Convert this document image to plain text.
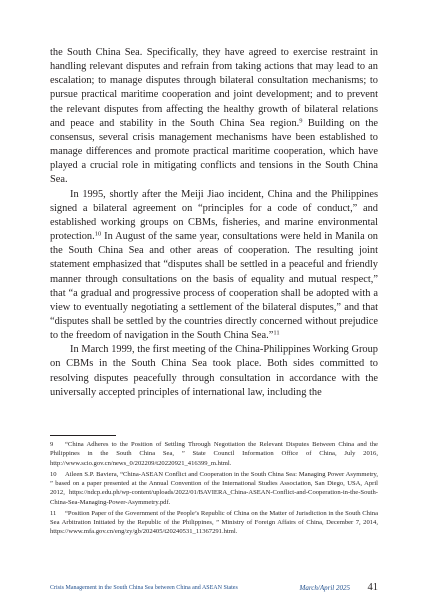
the South China Sea. Specifically, they have agreed to exercise restraint in handling relevant disputes and refrain from taking actions that may lead to an escalation; to manage disputes through bilateral consultation mechanisms; to pursue practical maritime cooperation and joint development; and to prevent the relevant disputes from affecting the healthy growth of bilateral relations and peace and stability in the South China Sea region.$^9$ Building on the consensus, several crisis management mechanisms have been established to manage differences and promote practical maritime cooperation, which have played a crucial role in mitigating conflicts and tensions in the South China Sea.

In 1995, shortly after the Meiji Jiao incident, China and the Philippines signed a bilateral agreement on “principles for a code of conduct,” and established working groups on CBMs, fisheries, and marine environmental protection.$^{10}$ In August of the same year, consultations were held in Manila on the South China Sea and other areas of cooperation. The resulting joint statement emphasized that “disputes shall be settled in a peaceful and friendly manner through consultations on the basis of equality and mutual respect,” that “a gradual and progressive process of cooperation shall be adopted with a view to eventually negotiating a settlement of the bilateral disputes,” and that “disputes shall be settled by the countries directly concerned without prejudice to the freedom of navigation in the South China Sea.”$^{11}$

In March 1999, the first meeting of the China-Philippines Working Group on CBMs in the South China Sea took place. Both sides committed to resolving disputes peacefully through consultation in accordance with the universally accepted principles of international law, including the

9 “China Adheres to the Position of Settling Through Negotiation the Relevant Disputes Between China and the Philippines in the South China Sea, ” State Council Information Office of China, July 2016, http://www.scio.gov.cn/news_0/202209/t20220921_416399_m.html.

10 Aileen S.P. Baviera, “China-ASEAN Conflict and Cooperation in the South China Sea: Managing Power Asymmetry, ” based on a paper presented at the Annual Convention of the International Studies Association, San Diego, USA, April 2012, https://ndcp.edu.ph/wp-content/uploads/2022/01/BAVIERA_China-ASEAN-Conflict-and-Cooperation-in-the-South-China-Sea-Managing-Power-Asymmetry.pdf.

11 “Position Paper of the Government of the People’s Republic of China on the Matter of Jurisdiction in the South China Sea Arbitration Initiated by the Republic of the Philippines, ” Ministry of Foreign Affairs of China, December 7, 2014, https://www.mfa.gov.cn/eng/zy/gb/202405/t20240531_11367291.html.

Crisis Management in the South China Sea between China and ASEAN States	March/April 2025 41
